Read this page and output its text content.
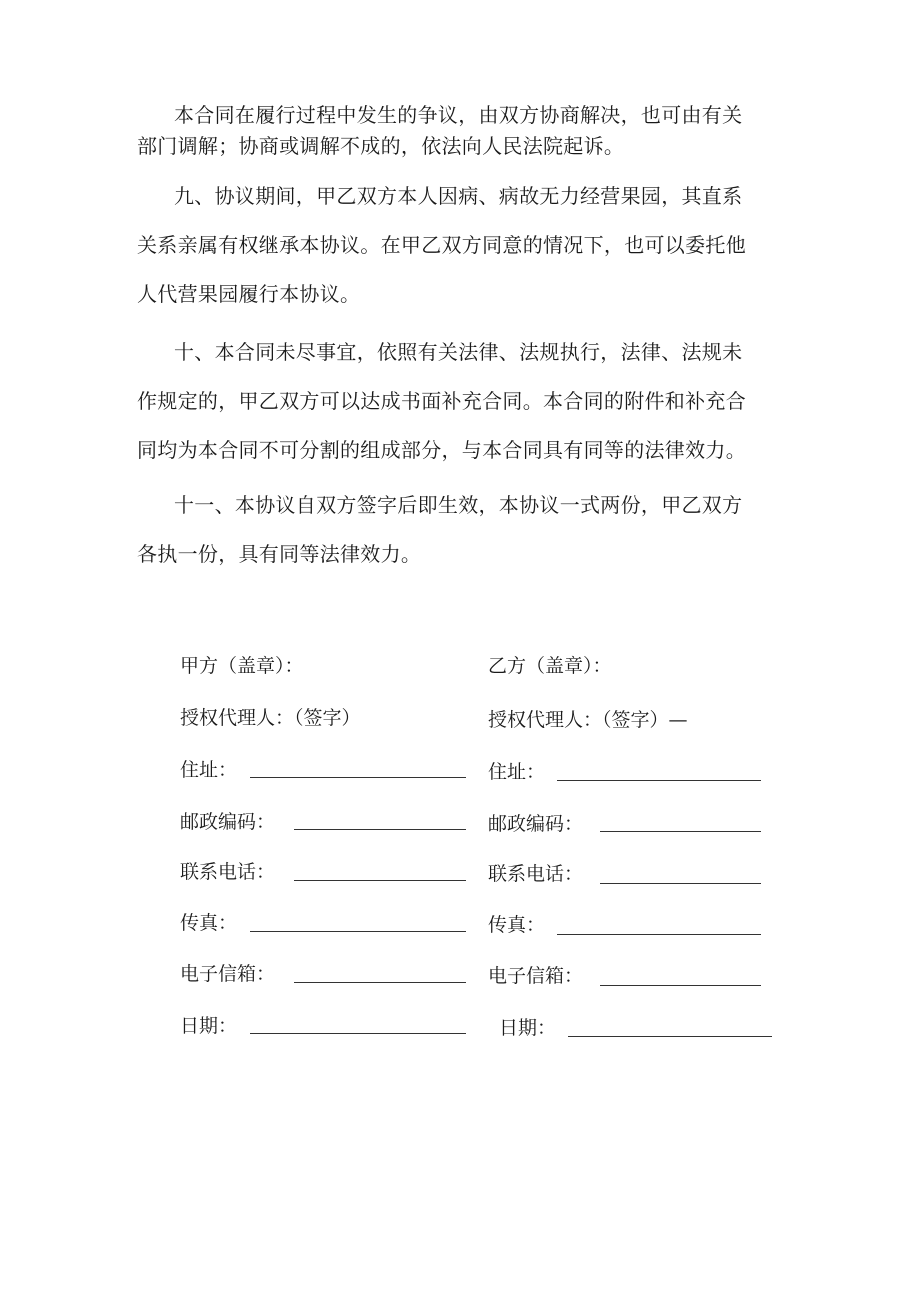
本合同在履行过程中发生的争议，由双方协商解决，也可由有关
部门调解；协商或调解不成的，依法向人民法院起诉。
九、协议期间，甲乙双方本人因病、病故无力经营果园，其直系
关系亲属有权继承本协议。在甲乙双方同意的情况下，也可以委托他
人代营果园履行本协议。
十、本合同未尽事宜，依照有关法律、法规执行，法律、法规未
作规定的，甲乙双方可以达成书面补充合同。本合同的附件和补充合
同均为本合同不可分割的组成部分，与本合同具有同等的法律效力。
十一、本协议自双方签字后即生效，本协议一式两份，甲乙双方
各执一份，具有同等法律效力。
甲方（盖章）：
授权代理人：（签字）
住址：
邮政编码：
联系电话：
传真：
电子信箱：
日期：
乙方（盖章）：
授权代理人：（签字）—
住址：
邮政编码：
联系电话：
传真：
电子信箱：
日期：
